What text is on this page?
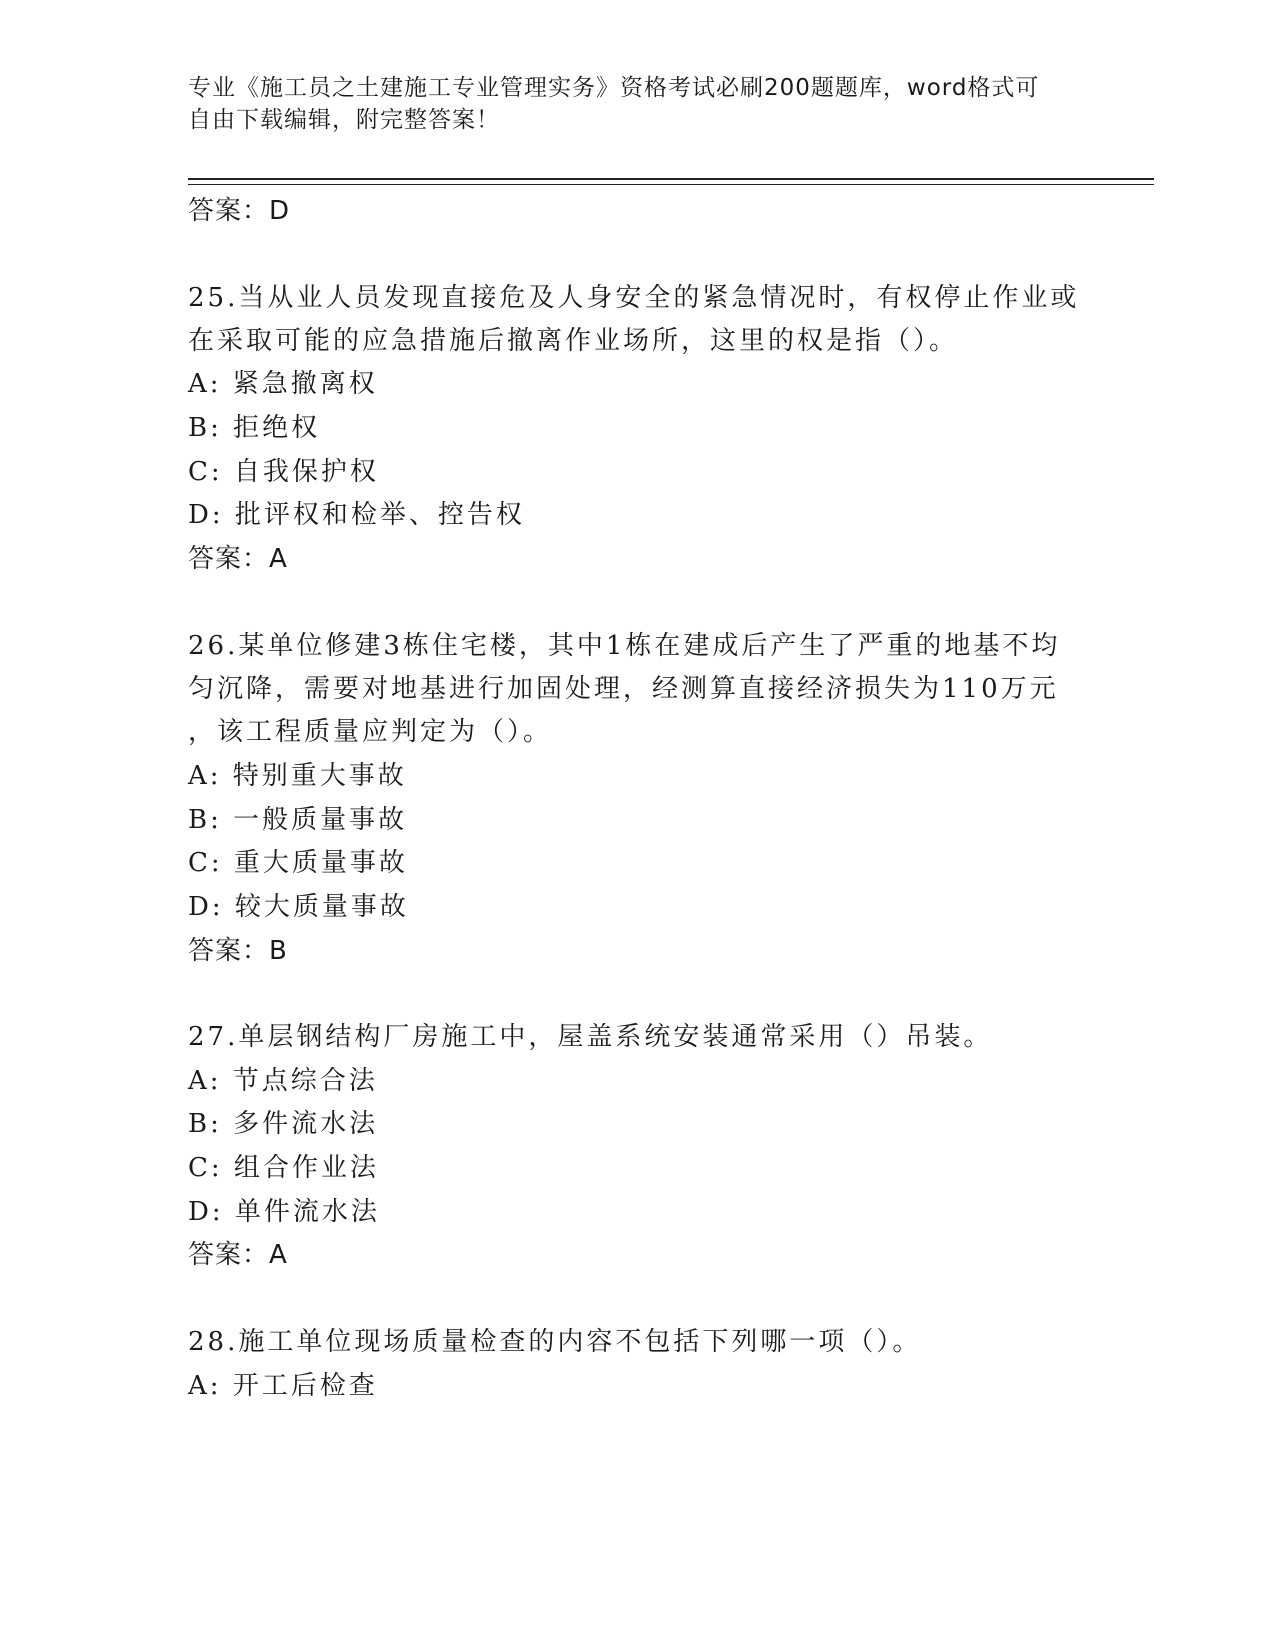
专业《施工员之土建施工专业管理实务》资格考试必刷200题题库，word格式可
自由下载编辑，附完整答案！
答案：D
25.当从业人员发现直接危及人身安全的紧急情况时，有权停止作业或
在采取可能的应急措施后撤离作业场所，这里的权是指（）。
A: 紧急撤离权
B: 拒绝权
C: 自我保护权
D: 批评权和检举、控告权
答案：A
26.某单位修建3栋住宅楼，其中1栋在建成后产生了严重的地基不均
匀沉降，需要对地基进行加固处理，经测算直接经济损失为110万元
，该工程质量应判定为（）。
A: 特别重大事故
B: 一般质量事故
C: 重大质量事故
D: 较大质量事故
答案：B
27.单层钢结构厂房施工中，屋盖系统安装通常采用（）吊装。
A: 节点综合法
B: 多件流水法
C: 组合作业法
D: 单件流水法
答案：A
28.施工单位现场质量检查的内容不包括下列哪一项（）。
A: 开工后检查
